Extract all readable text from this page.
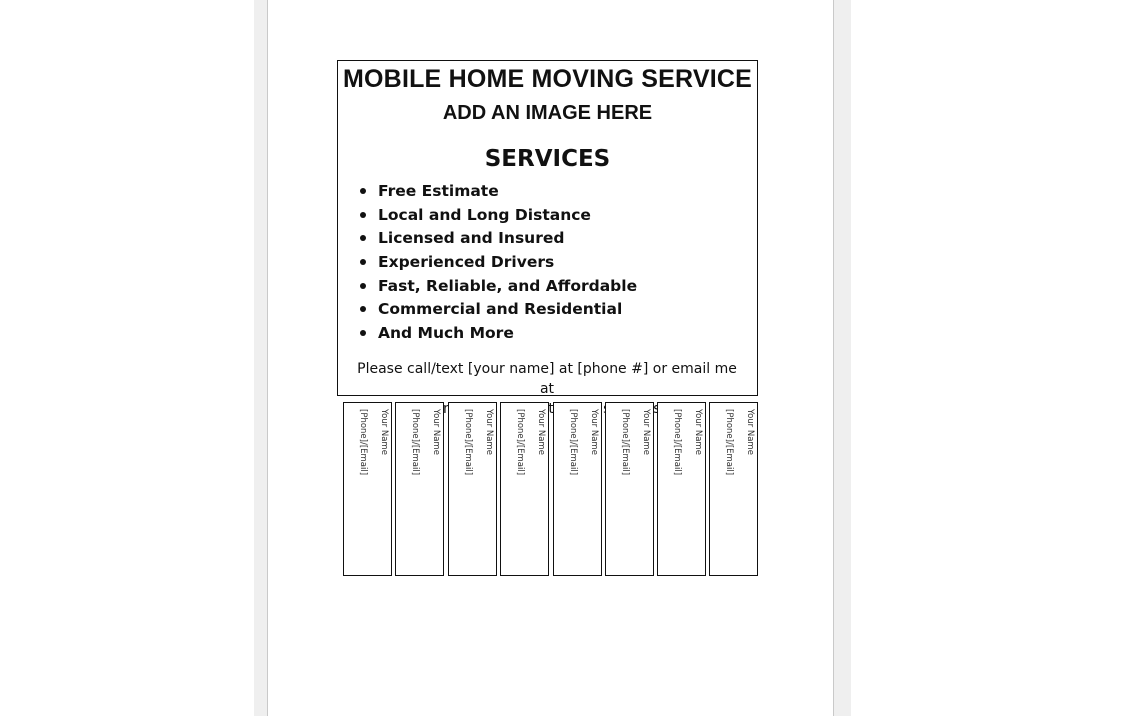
MOBILE HOME MOVING SERVICE
ADD AN IMAGE HERE
SERVICES
Free Estimate
Local and Long Distance
Licensed and Insured
Experienced Drivers
Fast, Reliable, and Affordable
Commercial and Residential
And Much More
Please call/text [your name] at [phone #] or email me at
Your Name
[Phone]/[Email]	Your Name
[Phone]/[Email]	Your Name
[Phone]/[Email]	Your Name
[Phone]/[Email]	Your Name
[Phone]/[Email]	Your Name
[Phone]/[Email]	Your Name
[Phone]/[Email]	Your Name
[Phone]/[Email]
